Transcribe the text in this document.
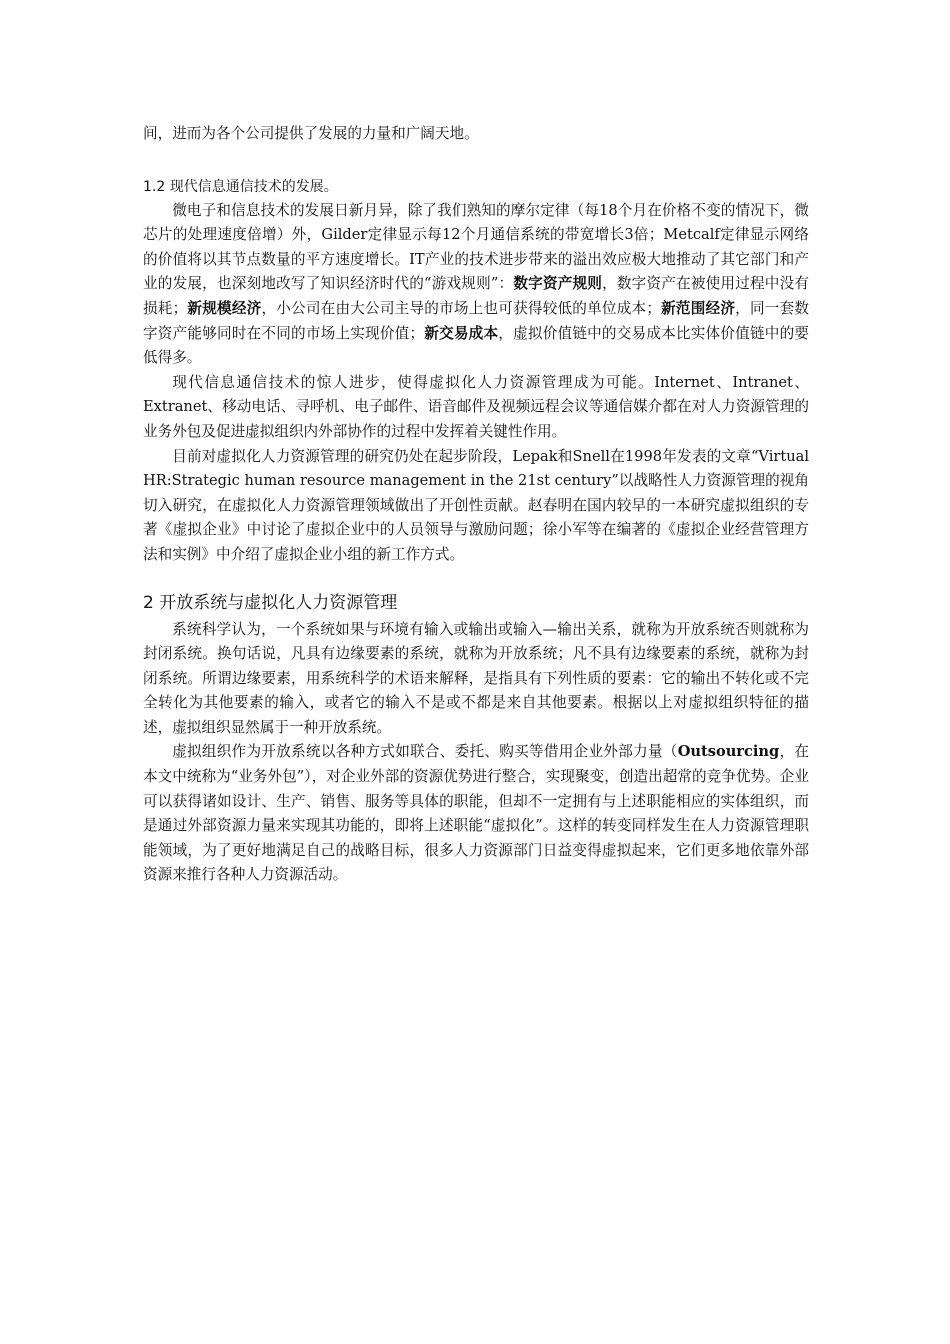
间，进而为各个公司提供了发展的力量和广阔天地。

1.2 现代信息通信技术的发展。

微电子和信息技术的发展日新月异，除了我们熟知的摩尔定律（每18个月在价格不变的情况下，微芯片的处理速度倍增）外，Gilder定律显示每12个月通信系统的带宽增长3倍；Metcalf定律显示网络的价值将以其节点数量的平方速度增长。IT产业的技术进步带来的溢出效应极大地推动了其它部门和产业的发展，也深刻地改写了知识经济时代的“游戏规则”：数字资产规则，数字资产在被使用过程中没有损耗；新规模经济，小公司在由大公司主导的市场上也可获得较低的单位成本；新范围经济，同一套数字资产能够同时在不同的市场上实现价值；新交易成本，虚拟价值链中的交易成本比实体价值链中的要低得多。

现代信息通信技术的惊人进步，使得虚拟化人力资源管理成为可能。Internet、Intranet、Extranet、移动电话、寻呼机、电子邮件、语音邮件及视频远程会议等通信媒介都在对人力资源管理的业务外包及促进虚拟组织内外部协作的过程中发挥着关键性作用。

目前对虚拟化人力资源管理的研究仍处在起步阶段，Lepak和Snell在1998年发表的文章“Virtual HR:Strategic human resource management in the 21st century”以战略性人力资源管理的视角切入研究，在虚拟化人力资源管理领域做出了开创性贡献。赵春明在国内较早的一本研究虚拟组织的专著《虚拟企业》中讨论了虚拟企业中的人员领导与激励问题；徐小军等在编著的《虚拟企业经营管理方法和实例》中介绍了虚拟企业小组的新工作方式。

2 开放系统与虚拟化人力资源管理

系统科学认为，一个系统如果与环境有输入或输出或输入—输出关系，就称为开放系统否则就称为封闭系统。换句话说，凡具有边缘要素的系统，就称为开放系统；凡不具有边缘要素的系统，就称为封闭系统。所谓边缘要素，用系统科学的术语来解释，是指具有下列性质的要素：它的输出不转化或不完全转化为其他要素的输入，或者它的输入不是或不都是来自其他要素。根据以上对虚拟组织特征的描述，虚拟组织显然属于一种开放系统。

虚拟组织作为开放系统以各种方式如联合、委托、购买等借用企业外部力量（Outsourcing，在本文中统称为“业务外包”），对企业外部的资源优势进行整合，实现聚变，创造出超常的竞争优势。企业可以获得诸如设计、生产、销售、服务等具体的职能，但却不一定拥有与上述职能相应的实体组织，而是通过外部资源力量来实现其功能的，即将上述职能“虚拟化”。这样的转变同样发生在人力资源管理职能领域，为了更好地满足自己的战略目标，很多人力资源部门日益变得虚拟起来，它们更多地依靠外部资源来推行各种人力资源活动。
